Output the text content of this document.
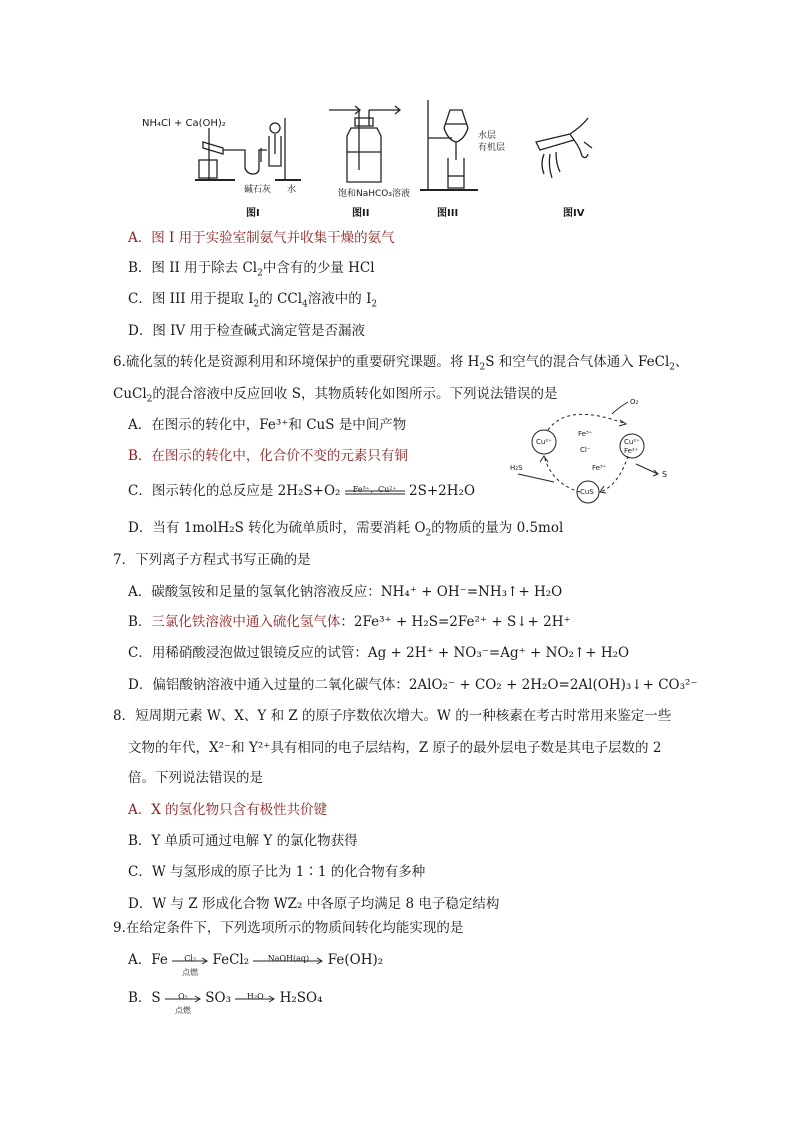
NH₄Cl + Ca(OH)₂
碱石灰 水
图I
饱和NaHCO₃溶液
图II
水层
有机层
图III	图IV
A．图 I 用于实验室制氨气并收集干燥的氨气
B．图 II 用于除去 $Cl_2$中含有的少量 HCl
C．图 III 用于提取 $I_2$的 CCl$_4$溶液中的 $I_2$
D．图 IV 用于检查碱式滴定管是否漏液
6.硫化氢的转化是资源利用和环境保护的重要研究课题。将 $H_2S$ 和空气的混合气体通入 FeCl$_2$、
CuCl$_2$的混合溶液中反应回收 S，其物质转化如图所示。下列说法错误的是
A．在图示的转化中，Fe³⁺和 CuS 是中间产物
B．在图示的转化中，化合价不变的元素只有铜
C．图示转化的总反应是 2H₂S+O₂	Fe³⁺、Cu²⁺ 2S+2H₂O
D．当有 1molH₂S 转化为硫单质时，需要消耗 $O_2$的物质的量为 0.5mol
O₂
Cu²⁺	Cu²⁺
Fe²⁺
Fe³⁺
Cl⁻
Fe³⁺
H₂S
S
CuS
7．下列离子方程式书写正确的是
A．碳酸氢铵和足量的氢氧化钠溶液反应：NH₄⁺ + OH⁻=NH₃↑+ H₂O
B．三氯化铁溶液中通入硫化氢气体：2Fe³⁺ + H₂S=2Fe²⁺ + S↓+ 2H⁺
C．用稀硝酸浸泡做过银镜反应的试管：Ag + 2H⁺ + NO₃⁻=Ag⁺ + NO₂↑+ H₂O
D．偏铝酸钠溶液中通入过量的二氧化碳气体：2AlO₂⁻ + CO₂ + 2H₂O=2Al(OH)₃↓+ CO₃²⁻
8．短周期元素 W、X、Y 和 Z 的原子序数依次增大。W 的一种核素在考古时常用来鉴定一些
文物的年代，X²⁻和 Y²⁺具有相同的电子层结构，Z 原子的最外层电子数是其电子层数的 2
倍。下列说法错误的是
A．X 的氢化物只含有极性共价键
B．Y 单质可通过电解 Y 的氯化物获得
C．W 与氢形成的原子比为 1∶1 的化合物有多种
D．W 与 Z 形成化合物 WZ₂ 中各原子均满足 8 电子稳定结构
9.在给定条件下，下列选项所示的物质间转化均能实现的是
A．Fe	Cl₂
点燃
FeCl₂	NaOH(aq)	Fe(OH)₂
B．S	O₂
点燃
SO₃	H₂O	H₂SO₄
